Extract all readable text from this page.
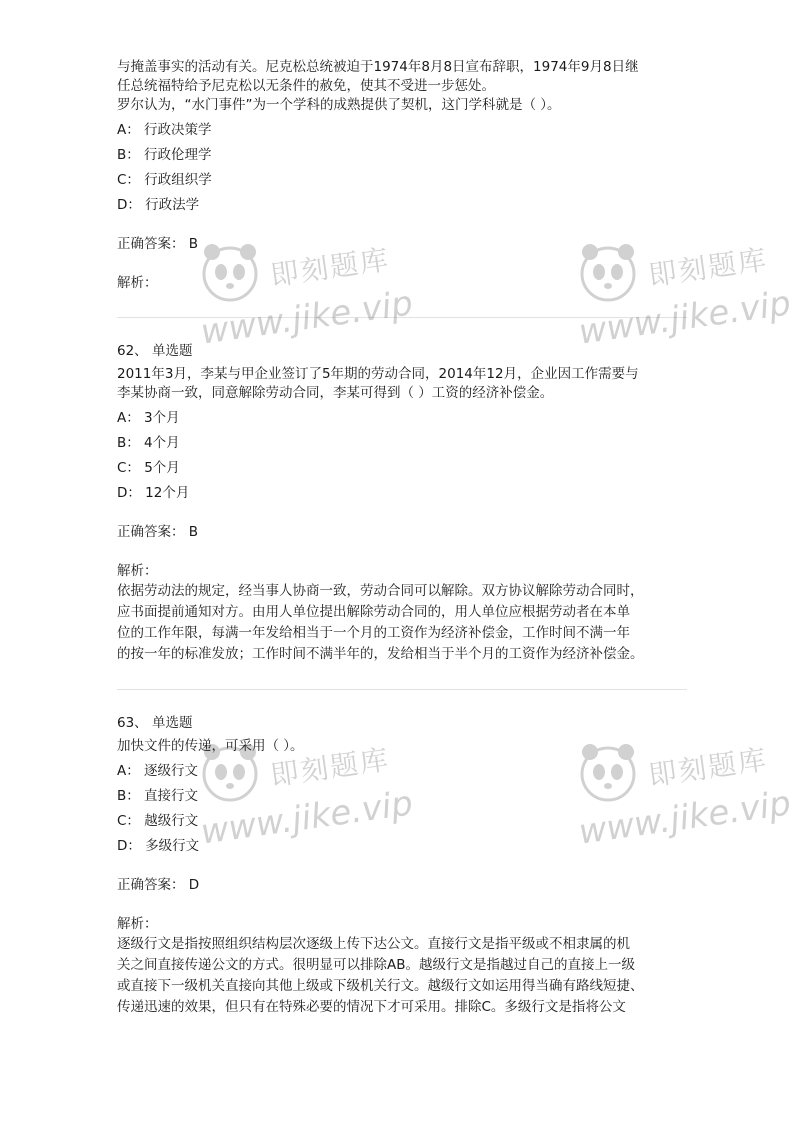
与掩盖事实的活动有关。尼克松总统被迫于1974年8月8日宣布辞职，1974年9月8日继
任总统福特给予尼克松以无条件的赦免，使其不受进一步惩处。
罗尔认为，“水门事件”为一个学科的成熟提供了契机，这门学科就是（ ）。
A： 行政决策学
B： 行政伦理学
C： 行政组织学
D： 行政法学
正确答案： B
解析：
62、 单选题
2011年3月，李某与甲企业签订了5年期的劳动合同，2014年12月，企业因工作需要与
李某协商一致，同意解除劳动合同，李某可得到（ ）工资的经济补偿金。
A： 3个月
B： 4个月
C： 5个月
D： 12个月
正确答案： B
解析：
依据劳动法的规定，经当事人协商一致，劳动合同可以解除。双方协议解除劳动合同时，
应书面提前通知对方。由用人单位提出解除劳动合同的，用人单位应根据劳动者在本单
位的工作年限，每满一年发给相当于一个月的工资作为经济补偿金，工作时间不满一年
的按一年的标准发放；工作时间不满半年的，发给相当于半个月的工资作为经济补偿金。
63、 单选题
加快文件的传递，可采用（ ）。
A： 逐级行文
B： 直接行文
C： 越级行文
D： 多级行文
正确答案： D
解析：
逐级行文是指按照组织结构层次逐级上传下达公文。直接行文是指平级或不相隶属的机
关之间直接传递公文的方式。很明显可以排除AB。越级行文是指越过自己的直接上一级
或直接下一级机关直接向其他上级或下级机关行文。越级行文如运用得当确有路线短捷、
传递迅速的效果，但只有在特殊必要的情况下才可采用。排除C。多级行文是指将公文
即刻题库
www.jike.vip
即刻题库
www.jike.vip
即刻题库
www.jike.vip
即刻题库
www.jike.vip
